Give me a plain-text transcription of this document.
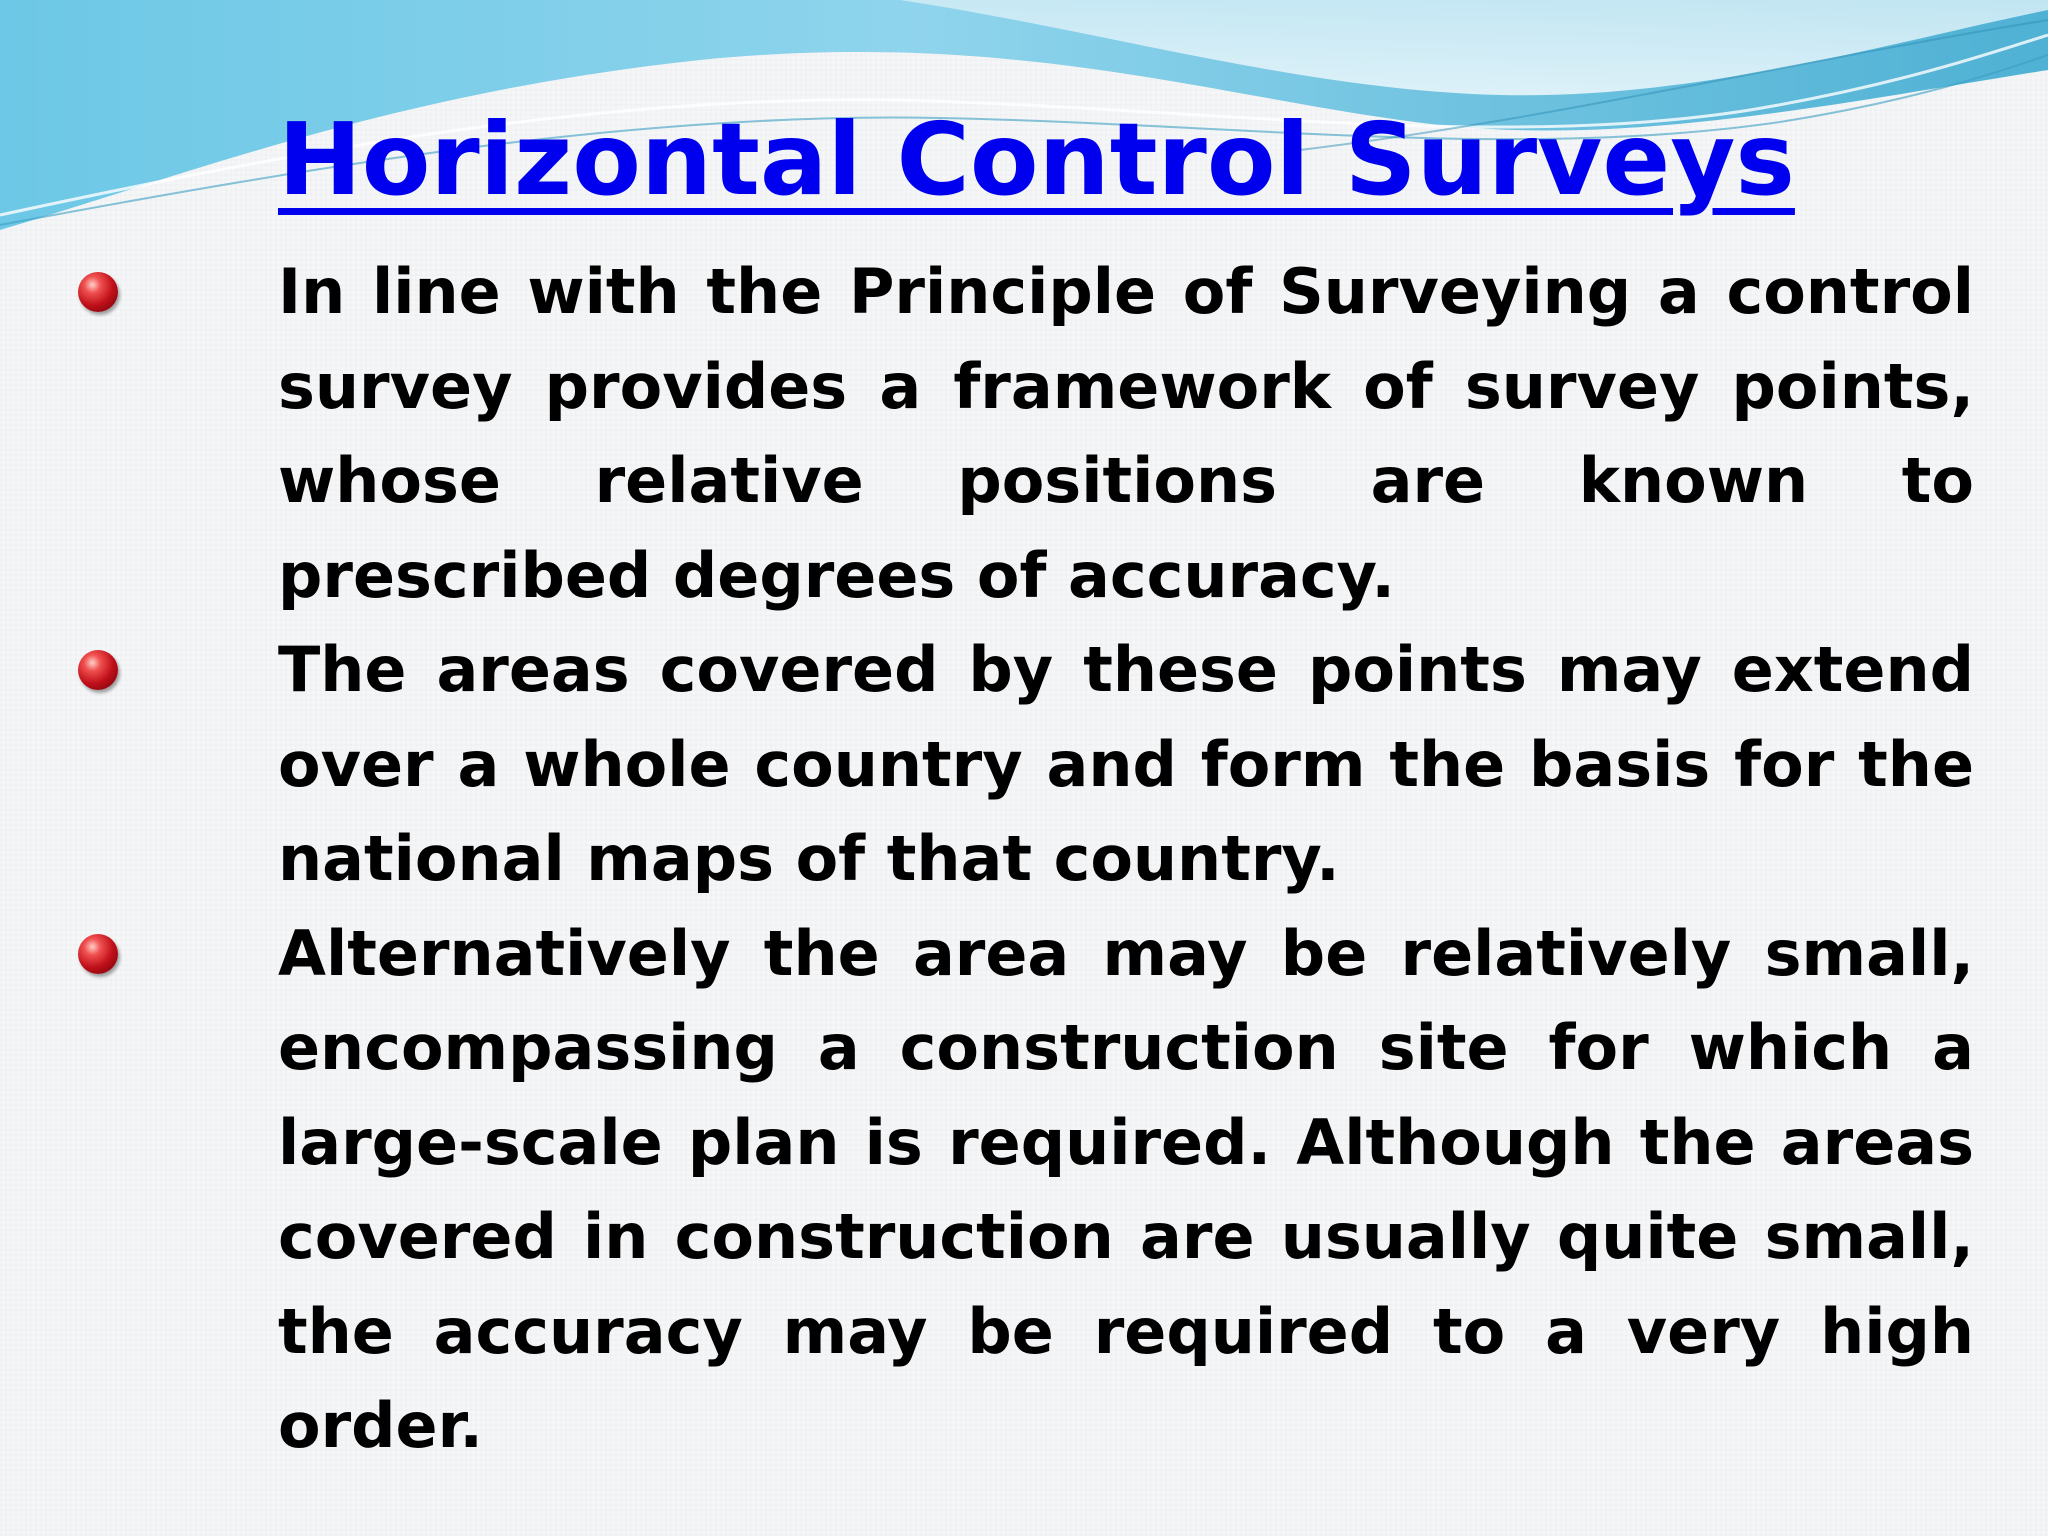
Horizontal Control Surveys
In line with the Principle of Surveying a control survey provides a framework of survey points, whose relative positions are known to prescribed degrees of accuracy.
The areas covered by these points may extend over a whole country and form the basis for the national maps of that country.
Alternatively the area may be relatively small, encompassing a construction site for which a large-scale plan is required. Although the areas covered in construction are usually quite small, the accuracy may be required to a very high order.
